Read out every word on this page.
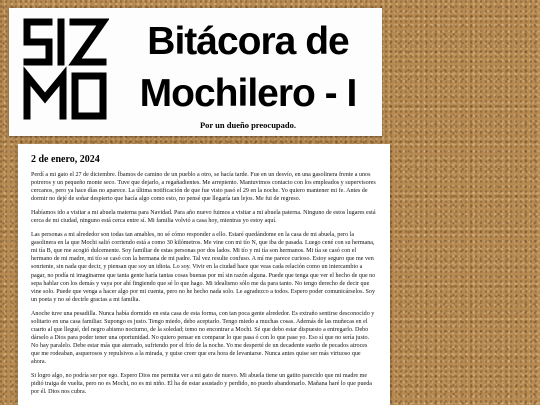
Bitácora de
Mochilero - I
Por un dueño preocupado.
2 de enero, 2024

Perdí a mi gato el 27 de diciembre. Íbamos de camino de un pueblo a otro, se hacía tarde. Fue en un desvío, en una gasolinera frente a unos potreros y un pequeño monte seco. Tuve que dejarlo, a regañadientes. Me arrepiento. Mantuvimos contacto con los empleados y supervisores cercanos, pero ya hace días no aparece. La última notificación de que fue visto pasó el 29 en la noche. Yo quiero mantener mi fe. Antes de dormir no dejé de soñar despierto que hacía algo como esto, no pensé que llegaría tan lejos. Me fui de regreso.

Habíamos ido a visitar a mi abuela materna para Navidad. Para año nuevo fuimos a visitar a mi abuela paterna. Ninguno de estos lugares está cerca de mi ciudad, ninguno está cerca entre sí. Mi familia volvió a casa hoy, mientras yo estoy aquí.

Las personas a mi alrededor son todas tan amables, no sé cómo responder a ello. Estaré quedándome en la casa de mi abuela, pero la gasolinera en la que Mochi salió corriendo está a como 30 kilómetros. Me vine con mi tío N, que iba de pasada. Luego cené con su hermana, mi tía B, que me acogió dulcemente. Soy familiar de estas personas por dos lados. Mi tío y mi tía son hermanos. Mi tía se casó con el hermano de mi madre, mi tío se casó con la hermana de mi padre. Tal vez resulte confuso. A mí me parece curioso. Estoy seguro que me ven sonriente, sin nada que decir, y piensan que soy un idiota. Lo soy. Vivir en la ciudad hace que veas cada relación como un intercambio a pagar, no podía ni imaginarme que tanta gente haría tantas cosas buenas por mí sin razón alguna. Puede que tenga que ver el hecho de que no sepa hablar con los demás y vaya por ahí fingiendo que sé lo que hago. Mi idealismo sólo me da para tanto. No tengo derecho de decir que vine solo. Puede que venga a hacer algo por mi cuenta, pero no he hecho nada solo. Le agradezco a todos. Espero poder comunicárselos. Soy un poeta y no sé decirle gracias a mi familia.

Anoche tuve una pesadilla. Nunca había dormido en esta casa de esta forma, con tan poca gente alrededor. Es extraño sentirse desconocido y solitario en una casa familiar. Supongo es justo. Tengo miedo, debo aceptarlo. Tengo miedo a muchas cosas. Además de las muñecas en el cuarto al que llegué, del negro abismo nocturno, de la soledad; temo no encontrar a Mochi. Sé que debo estar dispuesto a entregarlo. Debo dárselo a Dios para poder tener una oportunidad. No quiero pensar en comparar lo que pasa ó con lo que pase yo. Eso sí que no sería justo. No hay paralelo. Debe estar más que aterrado, sufriendo por el frío de la noche. Yo me desperté de un decadente sueño de pecados atroces que me rodeaban, asquerosos y repulsivos a la mirada, y quise creer que era hora de levantarse. Nunca antes quise ser más virtuoso que ahora.

Si logro algo, no podría ser por ego. Espero Dios me permita ver a mi gato de nuevo. Mi abuela tiene un gatito parecido que mi madre me pidió traiga de vuelta, pero no es Mochi, no es mi niño. El ha de estar asustado y perdido, no puedo abandonarlo. Mañana haré lo que pueda por él. Dios nos cubra.
